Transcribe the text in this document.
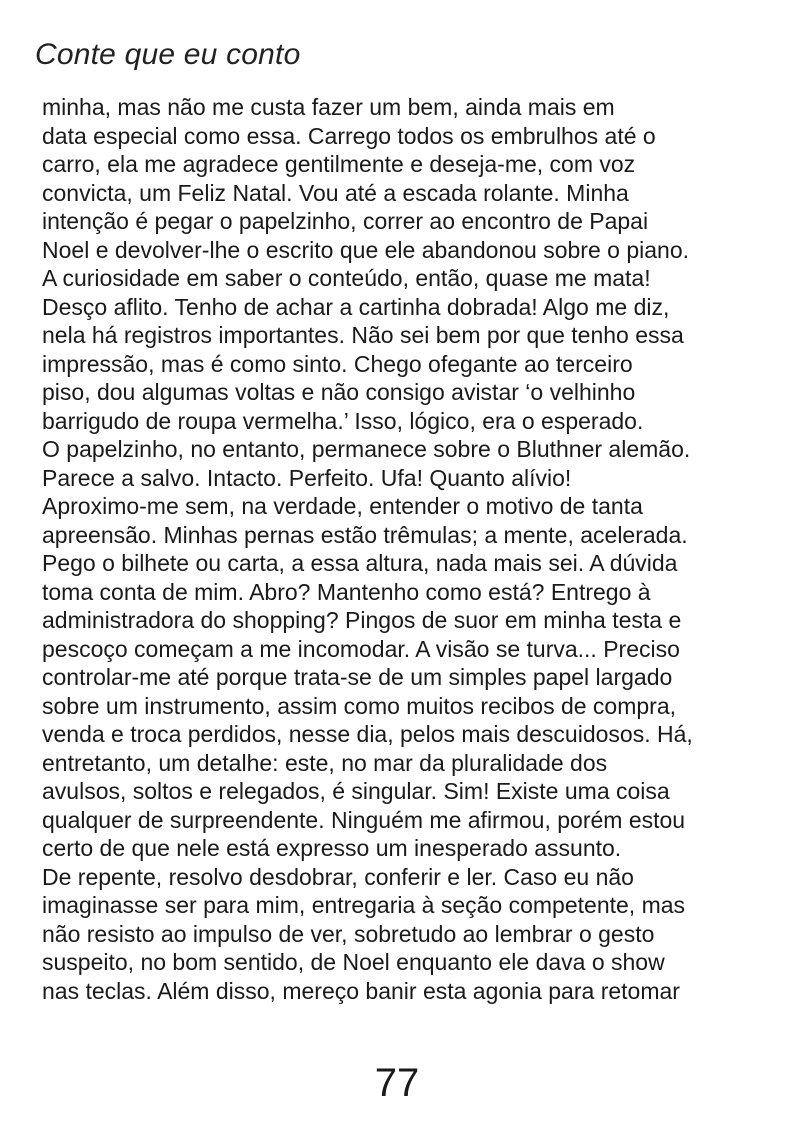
Conte que eu conto
minha, mas não me custa fazer um bem, ainda mais em
data especial como essa. Carrego todos os embrulhos até o
carro, ela me agradece gentilmente e deseja-me, com voz
convicta, um Feliz Natal. Vou até a escada rolante. Minha
intenção é pegar o papelzinho, correr ao encontro de Papai
Noel e devolver-lhe o escrito que ele abandonou sobre o piano.
A curiosidade em saber o conteúdo, então, quase me mata!
Desço aflito. Tenho de achar a cartinha dobrada! Algo me diz,
nela há registros importantes. Não sei bem por que tenho essa
impressão, mas é como sinto. Chego ofegante ao terceiro
piso, dou algumas voltas e não consigo avistar ‘o velhinho
barrigudo de roupa vermelha.’ Isso, lógico, era o esperado.
O papelzinho, no entanto, permanece sobre o Bluthner alemão.
Parece a salvo. Intacto. Perfeito. Ufa! Quanto alívio!
Aproximo-me sem, na verdade, entender o motivo de tanta
apreensão. Minhas pernas estão trêmulas; a mente, acelerada.
Pego o bilhete ou carta, a essa altura, nada mais sei. A dúvida
toma conta de mim. Abro? Mantenho como está? Entrego à
administradora do shopping? Pingos de suor em minha testa e
pescoço começam a me incomodar. A visão se turva... Preciso
controlar-me até porque trata-se de um simples papel largado
sobre um instrumento, assim como muitos recibos de compra,
venda e troca perdidos, nesse dia, pelos mais descuidosos. Há,
entretanto, um detalhe: este, no mar da pluralidade dos
avulsos, soltos e relegados, é singular. Sim! Existe uma coisa
qualquer de surpreendente. Ninguém me afirmou, porém estou
certo de que nele está expresso um inesperado assunto.
De repente, resolvo desdobrar, conferir e ler. Caso eu não
imaginasse ser para mim, entregaria à seção competente, mas
não resisto ao impulso de ver, sobretudo ao lembrar o gesto
suspeito, no bom sentido, de Noel enquanto ele dava o show
nas teclas. Além disso, mereço banir esta agonia para retomar
77
